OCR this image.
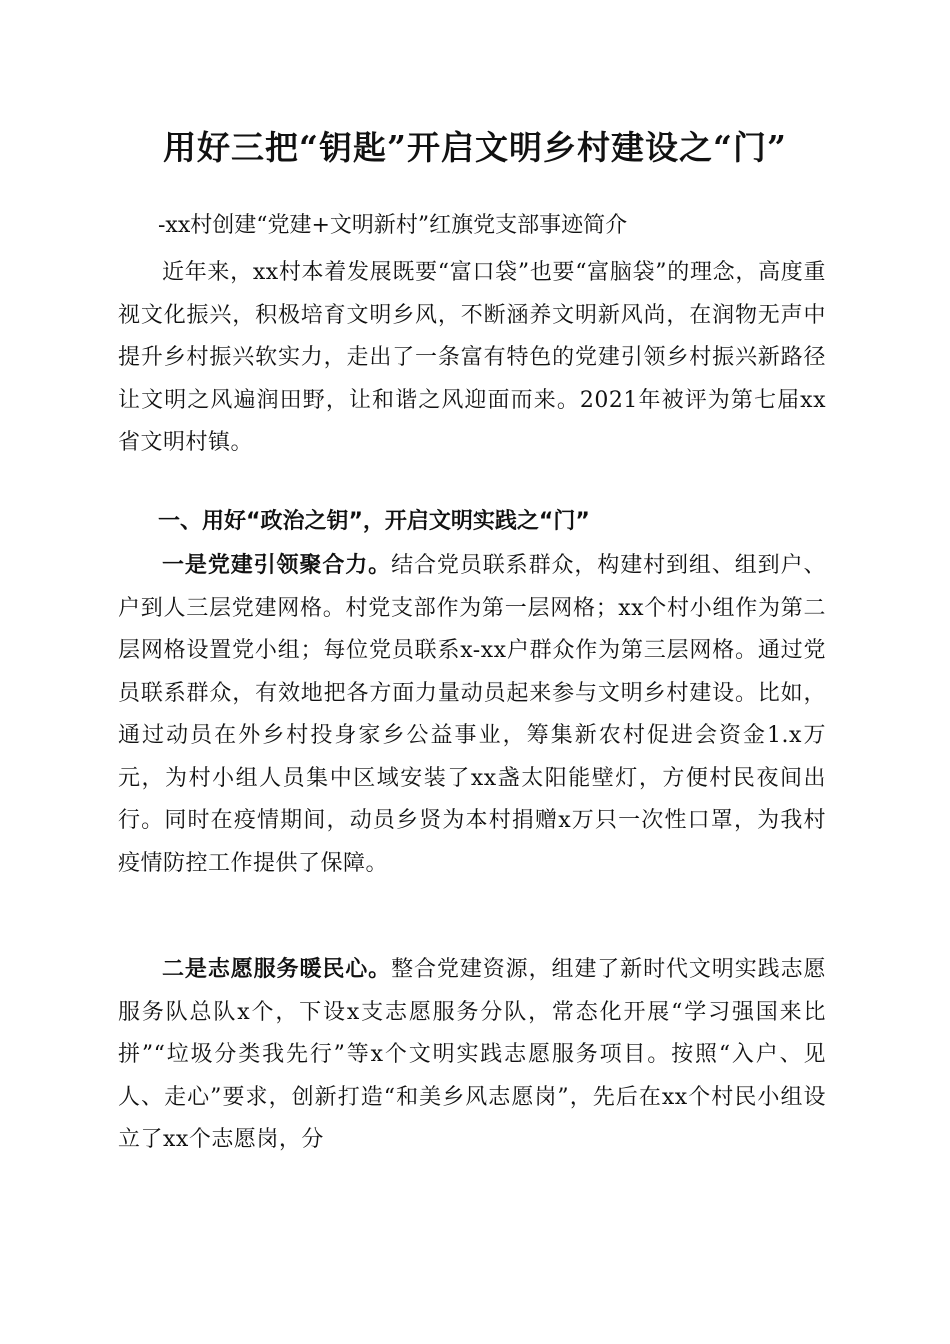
用好三把“钥匙”开启文明乡村建设之“门”
-xx村创建“党建+文明新村”红旗党支部事迹简介

近年来，xx村本着发展既要“富口袋”也要“富脑袋”的理念，高度重视文化振兴，积极培育文明乡风，不断涵养文明新风尚，在润物无声中提升乡村振兴软实力，走出了一条富有特色的党建引领乡村振兴新路径让文明之风遍润田野，让和谐之风迎面而来。2021年被评为第七届xx省文明村镇。

一、用好“政治之钥”，开启文明实践之“门”

一是党建引领聚合力。结合党员联系群众，构建村到组、组到户、户到人三层党建网格。村党支部作为第一层网格；xx个村小组作为第二层网格设置党小组；每位党员联系x-xx户群众作为第三层网格。通过党员联系群众，有效地把各方面力量动员起来参与文明乡村建设。比如，通过动员在外乡村投身家乡公益事业，筹集新农村促进会资金1.x万元，为村小组人员集中区域安装了xx盏太阳能壁灯，方便村民夜间出行。同时在疫情期间，动员乡贤为本村捐赠x万只一次性口罩，为我村疫情防控工作提供了保障。

二是志愿服务暖民心。整合党建资源，组建了新时代文明实践志愿服务队总队x个，下设x支志愿服务分队，常态化开展“学习强国来比拼”“垃圾分类我先行”等x个文明实践志愿服务项目。按照“入户、见人、走心”要求，创新打造“和美乡风志愿岗”，先后在xx个村民小组设立了xx个志愿岗，分
